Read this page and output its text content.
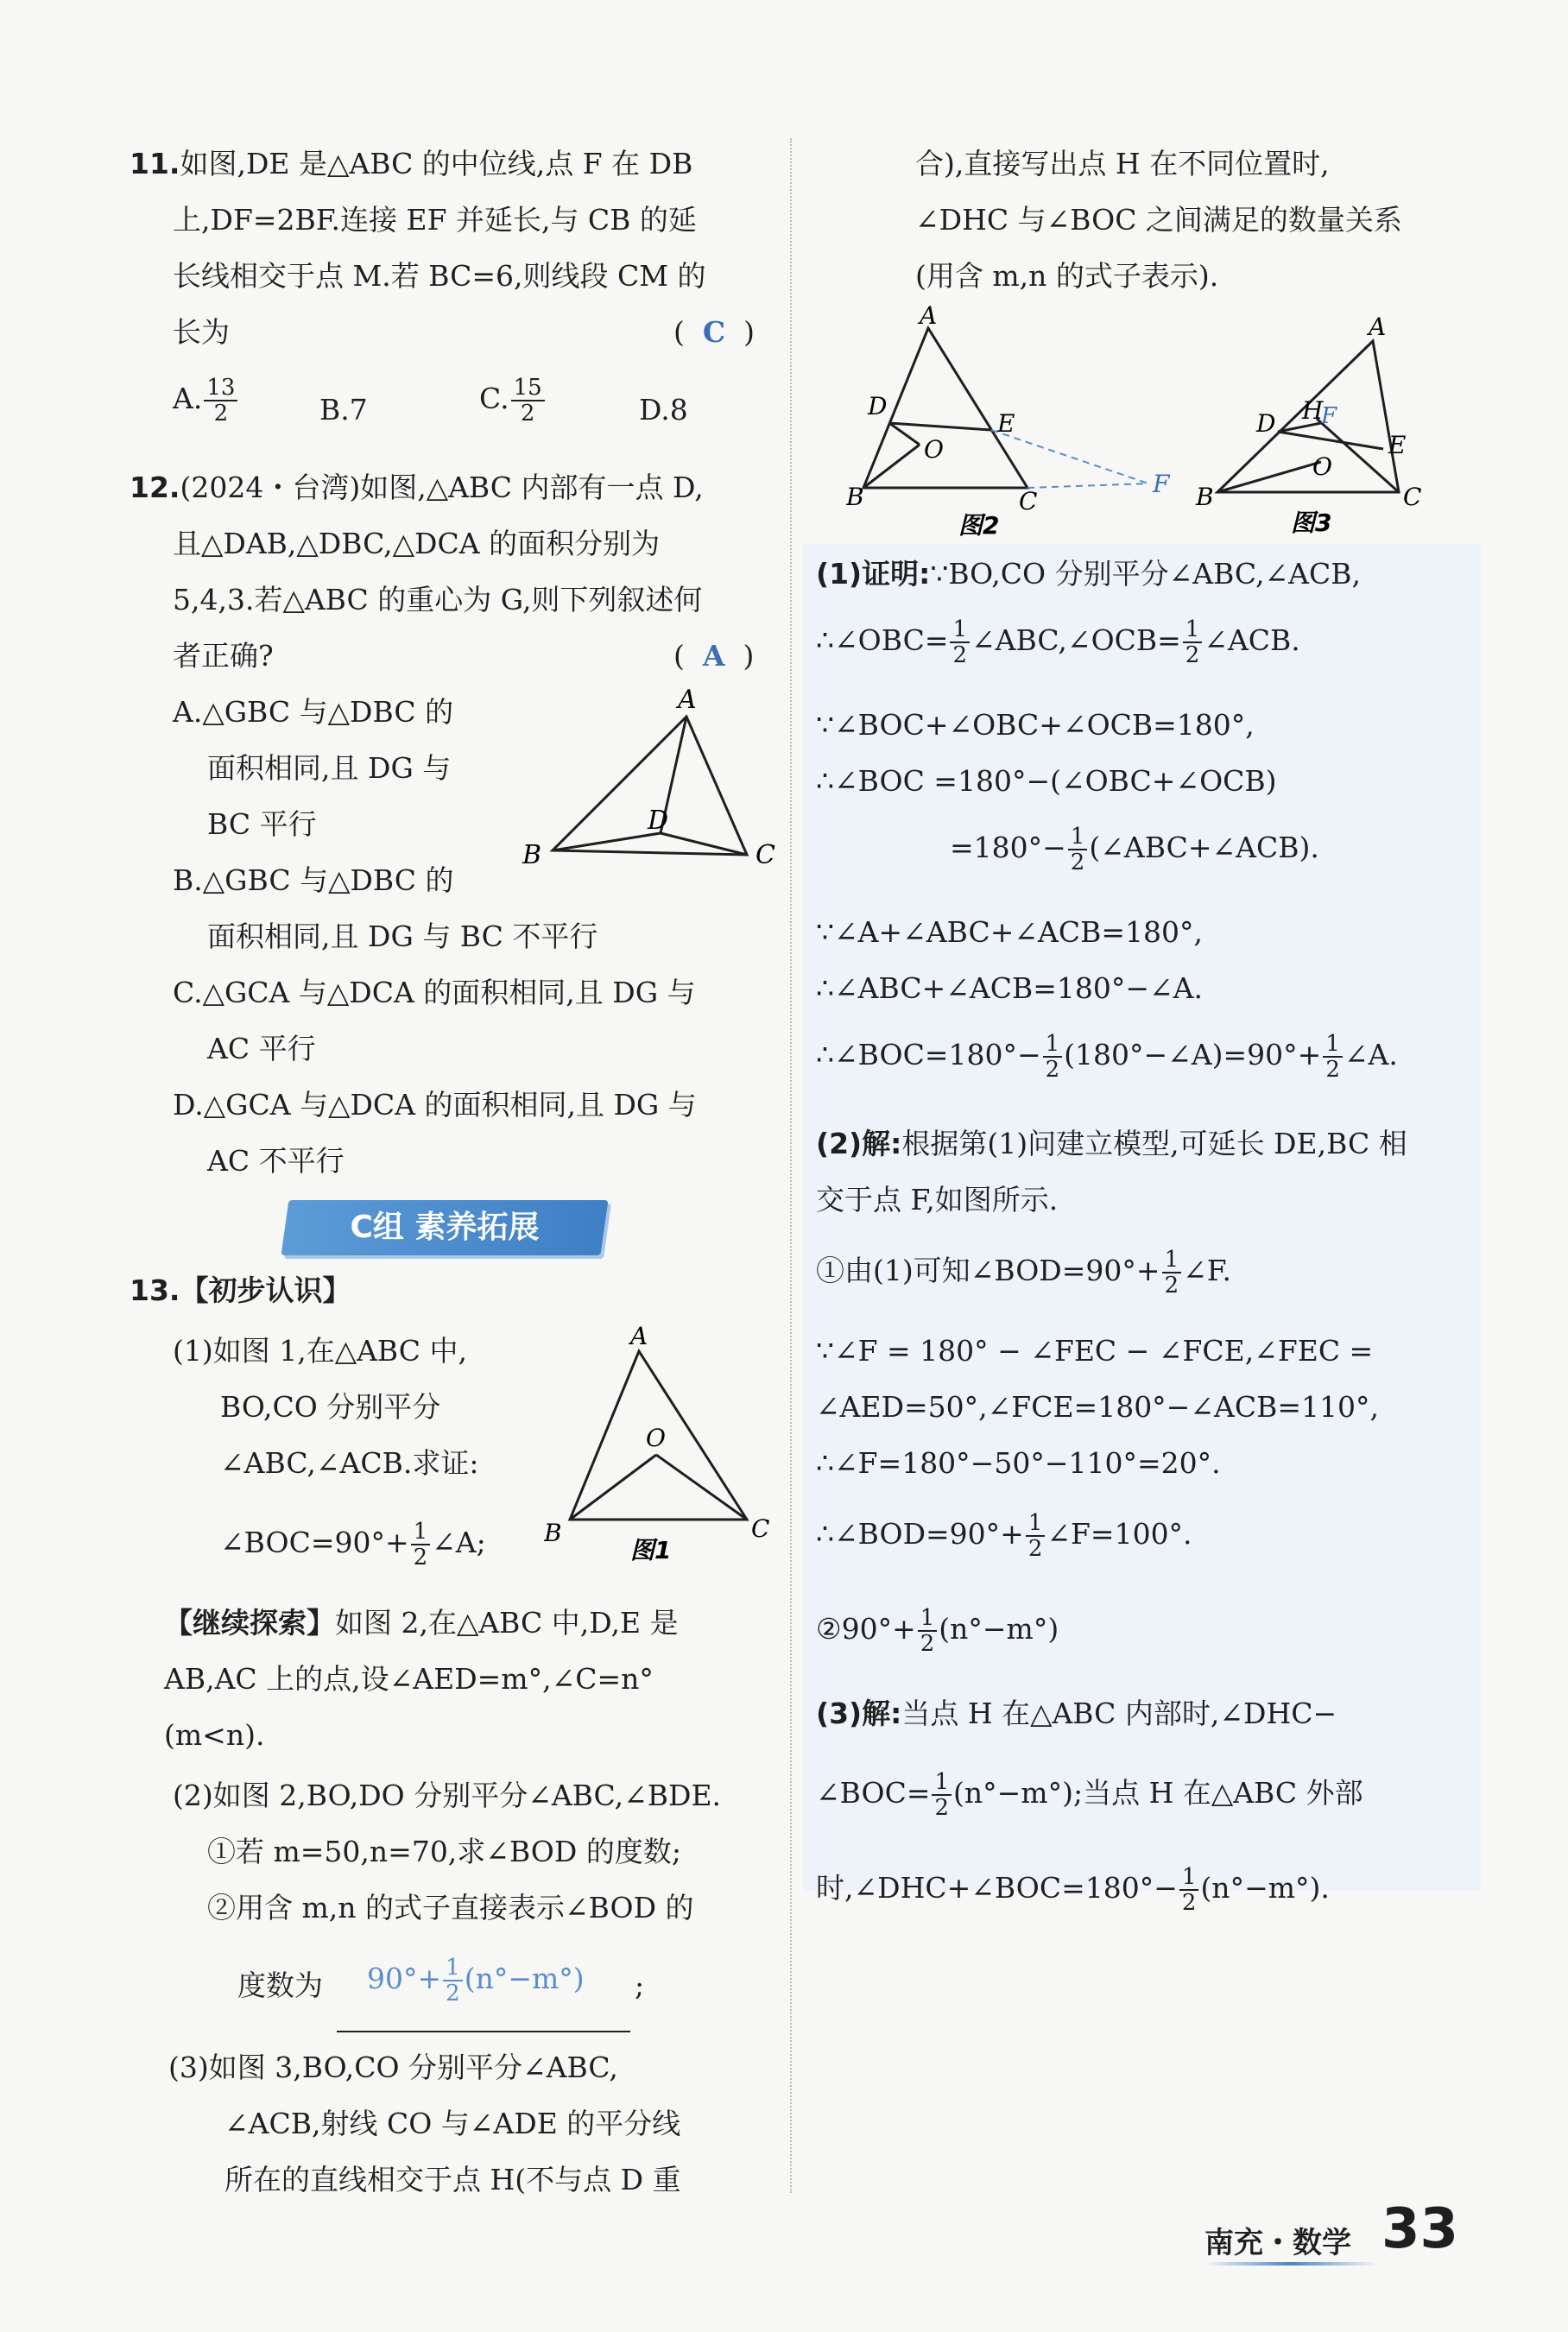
11.如图,DE 是△ABC 的中位线,点 F 在 DB
上,DF=2BF.连接 EF 并延长,与 CB 的延
长线相交于点 M.若 BC=6,则线段 CM 的
长为	( C )
A. $\frac{13}{2}$	B.7	C. $\frac{15}{2}$	D.8
12.(2024・台湾)如图,△ABC 内部有一点 D,
且△DAB,△DBC,△DCA 的面积分别为
5,4,3.若△ABC 的重心为 G,则下列叙述何
者正确?	( A )
A.△GBC 与△DBC 的
面积相同,且 DG 与
BC 平行
B.△GBC 与△DBC 的
面积相同,且 DG 与 BC 不平行
C.△GCA 与△DCA 的面积相同,且 DG 与
AC 平行
D.△GCA 与△DCA 的面积相同,且 DG 与
AC 不平行
A
B	C
D
C组 素养拓展
13.【初步认识】
(1)如图 1,在△ABC 中,
BO,CO 分别平分
∠ABC,∠ACB.求证:
∠BOC=90°+ $\frac{1}{2}$ ∠A;
A
B	C
O
图1
【继续探索】如图 2,在△ABC 中,D,E 是
AB,AC 上的点,设∠AED=m°,∠C=n°
(m<n).
(2)如图 2,BO,DO 分别平分∠ABC,∠BDE.
①若 m=50,n=70,求∠BOD 的度数;
②用含 m,n 的式子直接表示∠BOD 的
度数为 $90^\circ+ \frac{1}{2} (n^\circ-m^\circ)$ ;
(3)如图 3,BO,CO 分别平分∠ABC,
∠ACB,射线 CO 与∠ADE 的平分线
所在的直线相交于点 H(不与点 D 重
合),直接写出点 H 在不同位置时,
∠DHC 与∠BOC 之间满足的数量关系
(用含 m,n 的式子表示).
A
B	C
D
E
O
F
图2
A
B	C
D
E
O
H
F
图3
(1)证明:∵BO,CO 分别平分∠ABC,∠ACB,
∴∠OBC= $\frac{1}{2}$ ∠ABC,∠OCB= $\frac{1}{2}$ ∠ACB.
∵∠BOC+∠OBC+∠OCB=180°,
∴∠BOC =180°−(∠OBC+∠OCB)
$=180^\circ- \frac{1}{2}$ (∠ABC+∠ACB).
∵∠A+∠ABC+∠ACB=180°,
∴∠ABC+∠ACB=180°−∠A.
∴∠BOC=180°− $\frac{1}{2}$ (180°−∠A)=90°+ $\frac{1}{2}$ ∠A.
(2)解:根据第(1)问建立模型,可延长 DE,BC 相
交于点 F,如图所示.
①由(1)可知∠BOD=90°+ $\frac{1}{2}$ ∠F.
∵∠F = 180° − ∠FEC − ∠FCE,∠FEC =
∠AED=50°,∠FCE=180°−∠ACB=110°,
∴∠F=180°−50°−110°=20°.
∴∠BOD=90°+ $\frac{1}{2}$ ∠F=100°.
②90°+ $\frac{1}{2} (n^\circ-m^\circ)$
(3)解:当点 H 在△ABC 内部时,∠DHC−
∠BOC= $\frac{1}{2} (n^\circ-m^\circ)$;当点 H 在△ABC 外部
时,∠DHC+∠BOC=180°− $\frac{1}{2} (n^\circ-m^\circ)$.
南充・数学 33
